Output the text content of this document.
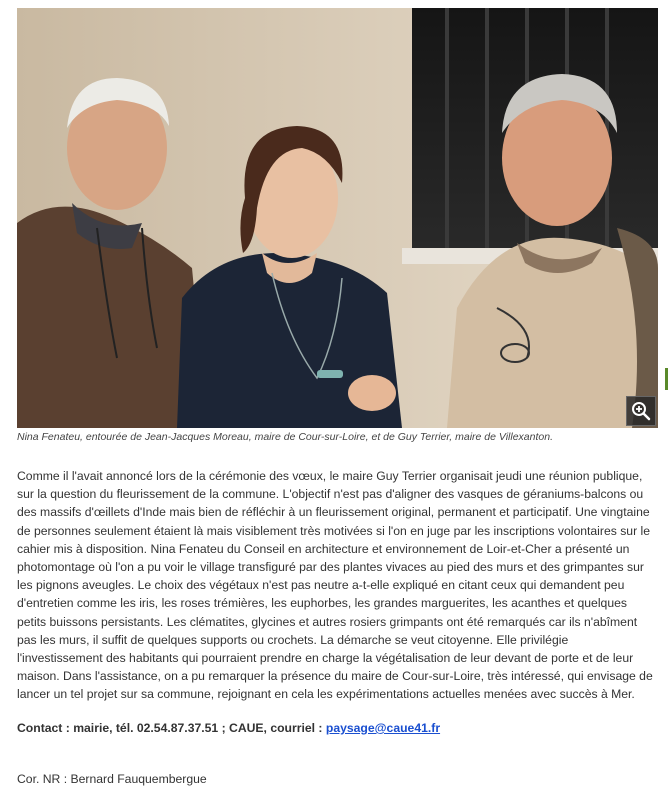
Nina Fenateu, entourée de Jean-Jacques Moreau, maire de Cour-sur-Loire, et de Guy Terrier, maire de Villexanton.

Comme il l'avait annoncé lors de la cérémonie des vœux, le maire Guy Terrier organisait jeudi une réunion publique, sur la question du fleurissement de la commune. L'objectif n'est pas d'aligner des vasques de géraniums-balcons ou des massifs d'œillets d'Inde mais bien de réfléchir à un fleurissement original, permanent et participatif. Une vingtaine de personnes seulement étaient là mais visiblement très motivées si l'on en juge par les inscriptions volontaires sur le cahier mis à disposition. Nina Fenateu du Conseil en architecture et environnement de Loir-et-Cher a présenté un photomontage où l'on a pu voir le village transfiguré par des plantes vivaces au pied des murs et des grimpantes sur les pignons aveugles. Le choix des végétaux n'est pas neutre a-t-elle expliqué en citant ceux qui demandent peu d'entretien comme les iris, les roses trémières, les euphorbes, les grandes marguerites, les acanthes et quelques petits buissons persistants. Les clématites, glycines et autres rosiers grimpants ont été remarqués car ils n'abîment pas les murs, il suffit de quelques supports ou crochets. La démarche se veut citoyenne. Elle privilégie l'investissement des habitants qui pourraient prendre en charge la végétalisation de leur devant de porte et de leur maison. Dans l'assistance, on a pu remarquer la présence du maire de Cour-sur-Loire, très intéressé, qui envisage de lancer un tel projet sur sa commune, rejoignant en cela les expérimentations actuelles menées avec succès à Mer.

Contact : mairie, tél. 02.54.87.37.51 ; CAUE, courriel : paysage@caue41.fr
Cor. NR : Bernard Fauquembergue
